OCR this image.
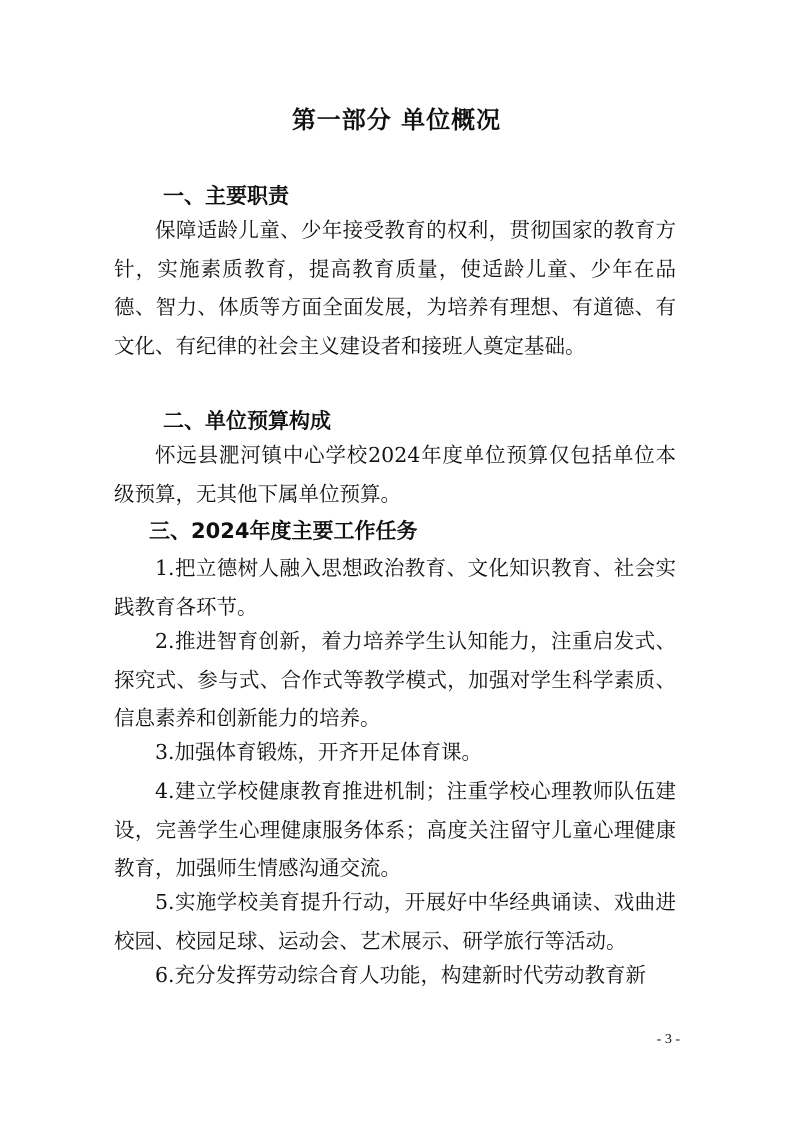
第一部分 单位概况
一、主要职责

保障适龄儿童、少年接受教育的权利，贯彻国家的教育方针，实施素质教育，提高教育质量，使适龄儿童、少年在品德、智力、体质等方面全面发展，为培养有理想、有道德、有文化、有纪律的社会主义建设者和接班人奠定基础。

二、单位预算构成

怀远县淝河镇中心学校2024年度单位预算仅包括单位本级预算，无其他下属单位预算。

三、2024年度主要工作任务

1.把立德树人融入思想政治教育、文化知识教育、社会实践教育各环节。

2.推进智育创新，着力培养学生认知能力，注重启发式、探究式、参与式、合作式等教学模式，加强对学生科学素质、信息素养和创新能力的培养。

3.加强体育锻炼，开齐开足体育课。

4.建立学校健康教育推进机制；注重学校心理教师队伍建设，完善学生心理健康服务体系；高度关注留守儿童心理健康教育，加强师生情感沟通交流。

5.实施学校美育提升行动，开展好中华经典诵读、戏曲进校园、校园足球、运动会、艺术展示、研学旅行等活动。

6.充分发挥劳动综合育人功能，构建新时代劳动教育新

- 3 -
